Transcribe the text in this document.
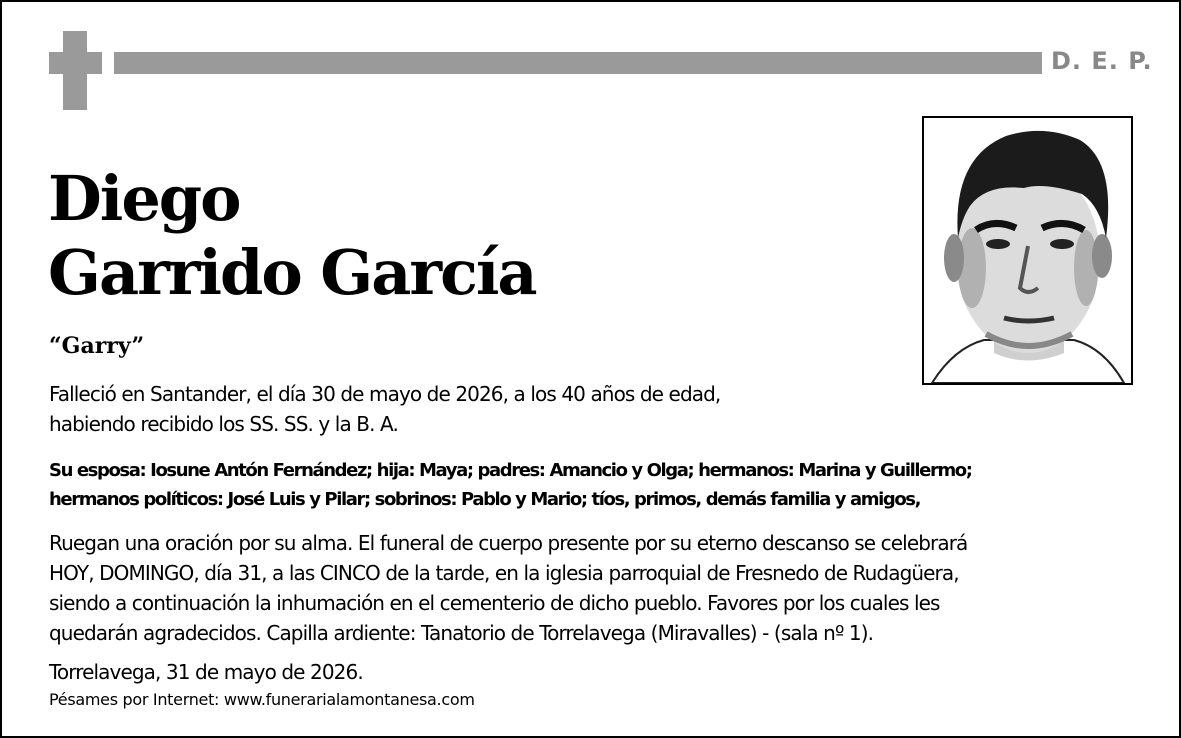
D. E. P.
Diego
Garrido García
“Garry”

Falleció en Santander, el día 30 de mayo de 2026, a los 40 años de edad,
habiendo recibido los SS. SS. y la B. A.

Su esposa: Iosune Antón Fernández; hija: Maya; padres: Amancio y Olga; hermanos: Marina y Guillermo;
hermanos políticos: José Luis y Pilar; sobrinos: Pablo y Mario; tíos, primos, demás familia y amigos,

Ruegan una oración por su alma. El funeral de cuerpo presente por su eterno descanso se celebrará
HOY, DOMINGO, día 31, a las CINCO de la tarde, en la iglesia parroquial de Fresnedo de Rudagüera,
siendo a continuación la inhumación en el cementerio de dicho pueblo. Favores por los cuales les
quedarán agradecidos. Capilla ardiente: Tanatorio de Torrelavega (Miravalles) - (sala nº 1).

Torrelavega, 31 de mayo de 2026.

Pésames por Internet: www.funerarialamontanesa.com
